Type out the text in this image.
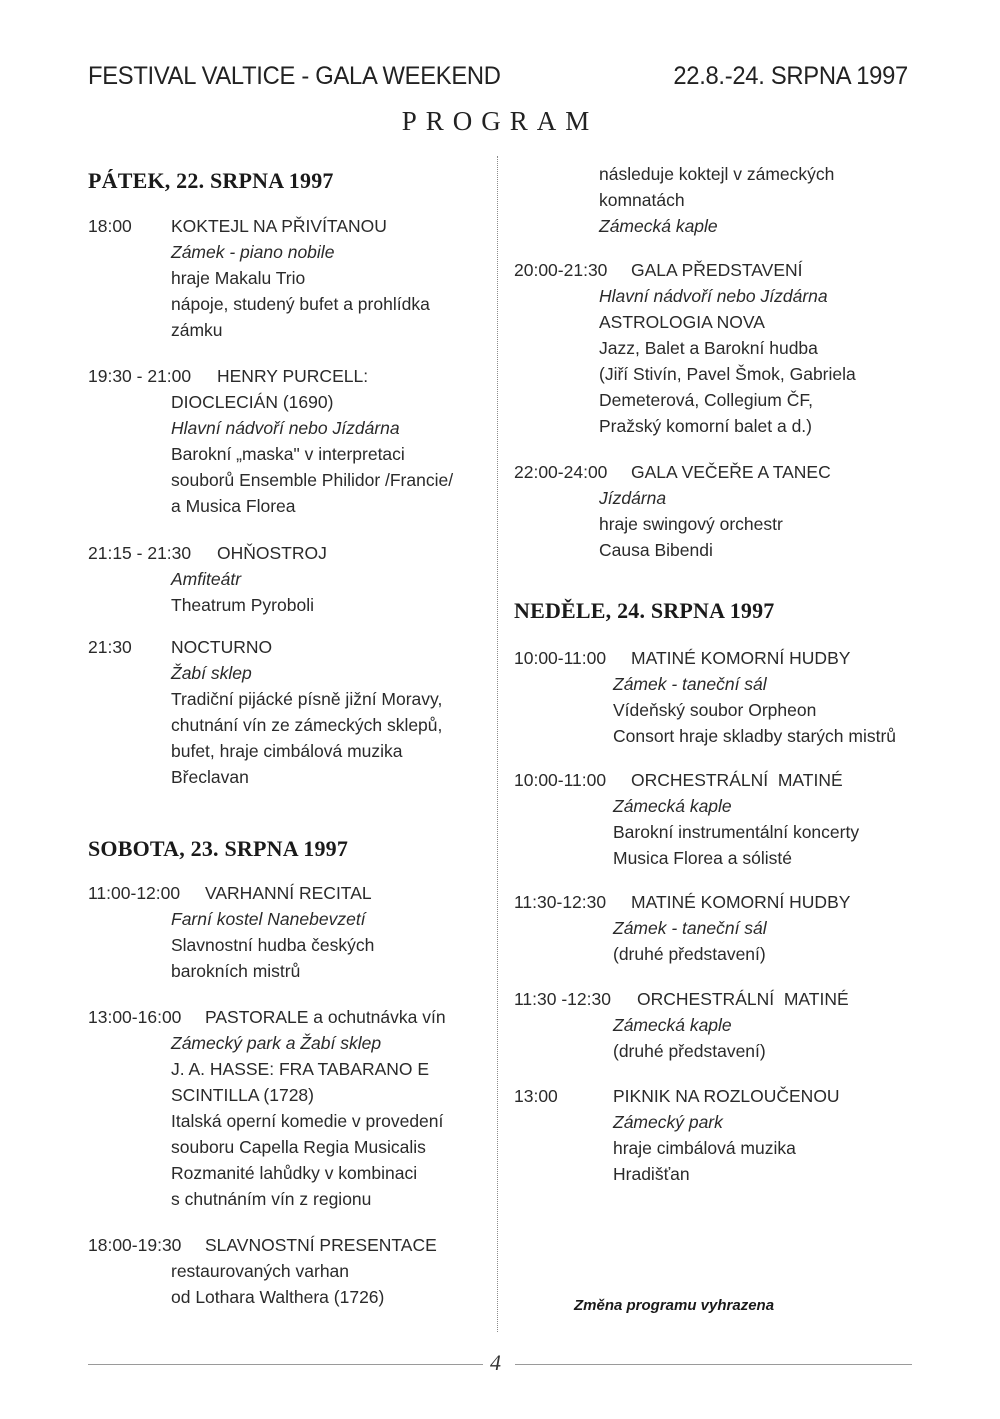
FESTIVAL VALTICE - GALA WEEKEND	22.8.-24. SRPNA 1997
PROGRAM
PÁTEK, 22. SRPNA 1997
18:00 KOKTEJL NA PŘIVÍTANOU
Zámek - piano nobile
hraje Makalu Trio
nápoje, studený bufet a prohlídka
zámku
19:30 - 21:00 HENRY PURCELL:
DIOCLECIÁN (1690)
Hlavní nádvoří nebo Jízdárna
Barokní „maska" v interpretaci
souborů Ensemble Philidor /Francie/
a Musica Florea
21:15 - 21:30 OHŇOSTROJ
Amfiteátr
Theatrum Pyroboli
21:30 NOCTURNO
Žabí sklep
Tradiční pijácké písně jižní Moravy,
chutnání vín ze zámeckých sklepů,
bufet, hraje cimbálová muzika
Břeclavan
SOBOTA, 23. SRPNA 1997
11:00-12:00 VARHANNÍ RECITAL
Farní kostel Nanebevzetí
Slavnostní hudba českých
barokních mistrů
13:00-16:00 PASTORALE a ochutnávka vín
Zámecký park a Žabí sklep
J. A. HASSE: FRA TABARANO E
SCINTILLA (1728)
Italská operní komedie v provedení
souboru Capella Regia Musicalis
Rozmanité lahůdky v kombinaci
s chutnáním vín z regionu
18:00-19:30 SLAVNOSTNÍ PRESENTACE
restaurovaných varhan
od Lothara Walthera (1726)
následuje koktejl v zámeckých
komnatách
Zámecká kaple
20:00-21:30 GALA PŘEDSTAVENÍ
Hlavní nádvoří nebo Jízdárna
ASTROLOGIA NOVA
Jazz, Balet a Barokní hudba
(Jiří Stivín, Pavel Šmok, Gabriela
Demeterová, Collegium ČF,
Pražský komorní balet a d.)
22:00-24:00 GALA VEČEŘE A TANEC
Jízdárna
hraje swingový orchestr
Causa Bibendi
NEDĚLE, 24. SRPNA 1997
10:00-11:00 MATINÉ KOMORNÍ HUDBY
Zámek - taneční sál
Vídeňský soubor Orpheon
Consort hraje skladby starých mistrů
10:00-11:00 ORCHESTRÁLNÍ  MATINÉ
Zámecká kaple
Barokní instrumentální koncerty
Musica Florea a sólisté
11:30-12:30 MATINÉ KOMORNÍ HUDBY
Zámek - taneční sál
(druhé představení)
11:30 -12:30 ORCHESTRÁLNÍ  MATINÉ
Zámecká kaple
(druhé představení)
13:00	PIKNIK NA ROZLOUČENOU
Zámecký park
hraje cimbálová muzika
Hradišťan
Změna programu vyhrazena
4
